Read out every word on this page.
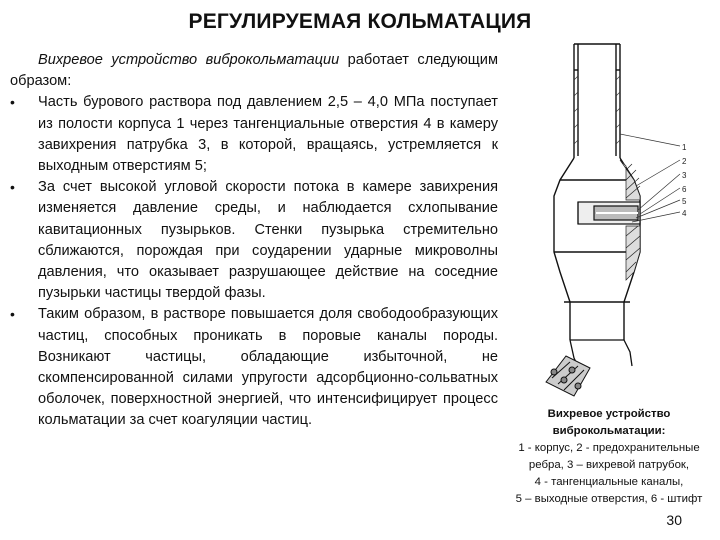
РЕГУЛИРУЕМАЯ КОЛЬМАТАЦИЯ

Вихревое устройство виброкольматации работает следующим образом:

• Часть бурового раствора под давлением 2,5 – 4,0 МПа поступает из полости корпуса 1 через тангенциальные отверстия 4 в камеру завихрения патрубка 3, в которой, вращаясь, устремляется к выходным отверстиям 5;
• За счет высокой угловой скорости потока в камере завихрения изменяется давление среды, и наблюдается схлопывание кавитационных пузырьков. Стенки пузырька стремительно сближаются, порождая при соударении ударные микроволны давления, что оказывает разрушающее действие на соседние пузырьки частицы твердой фазы.
• Таким образом, в растворе повышается доля свободообразующих частиц, способных проникать в поровые каналы породы. Возникают частицы, обладающие избыточной, не скомпенсированной силами упругости адсорбционно-сольватных оболочек, поверхностной энергией, что интенсифицирует процесс кольматации за счет коагуляции частиц.
1
2
3
6
5
4
Вихревое устройство
виброкольматации:
1 - корпус, 2 - предохранительные
ребра, 3 – вихревой патрубок,
4 - тангенциальные каналы,
5 – выходные отверстия, 6 - штифт
30
